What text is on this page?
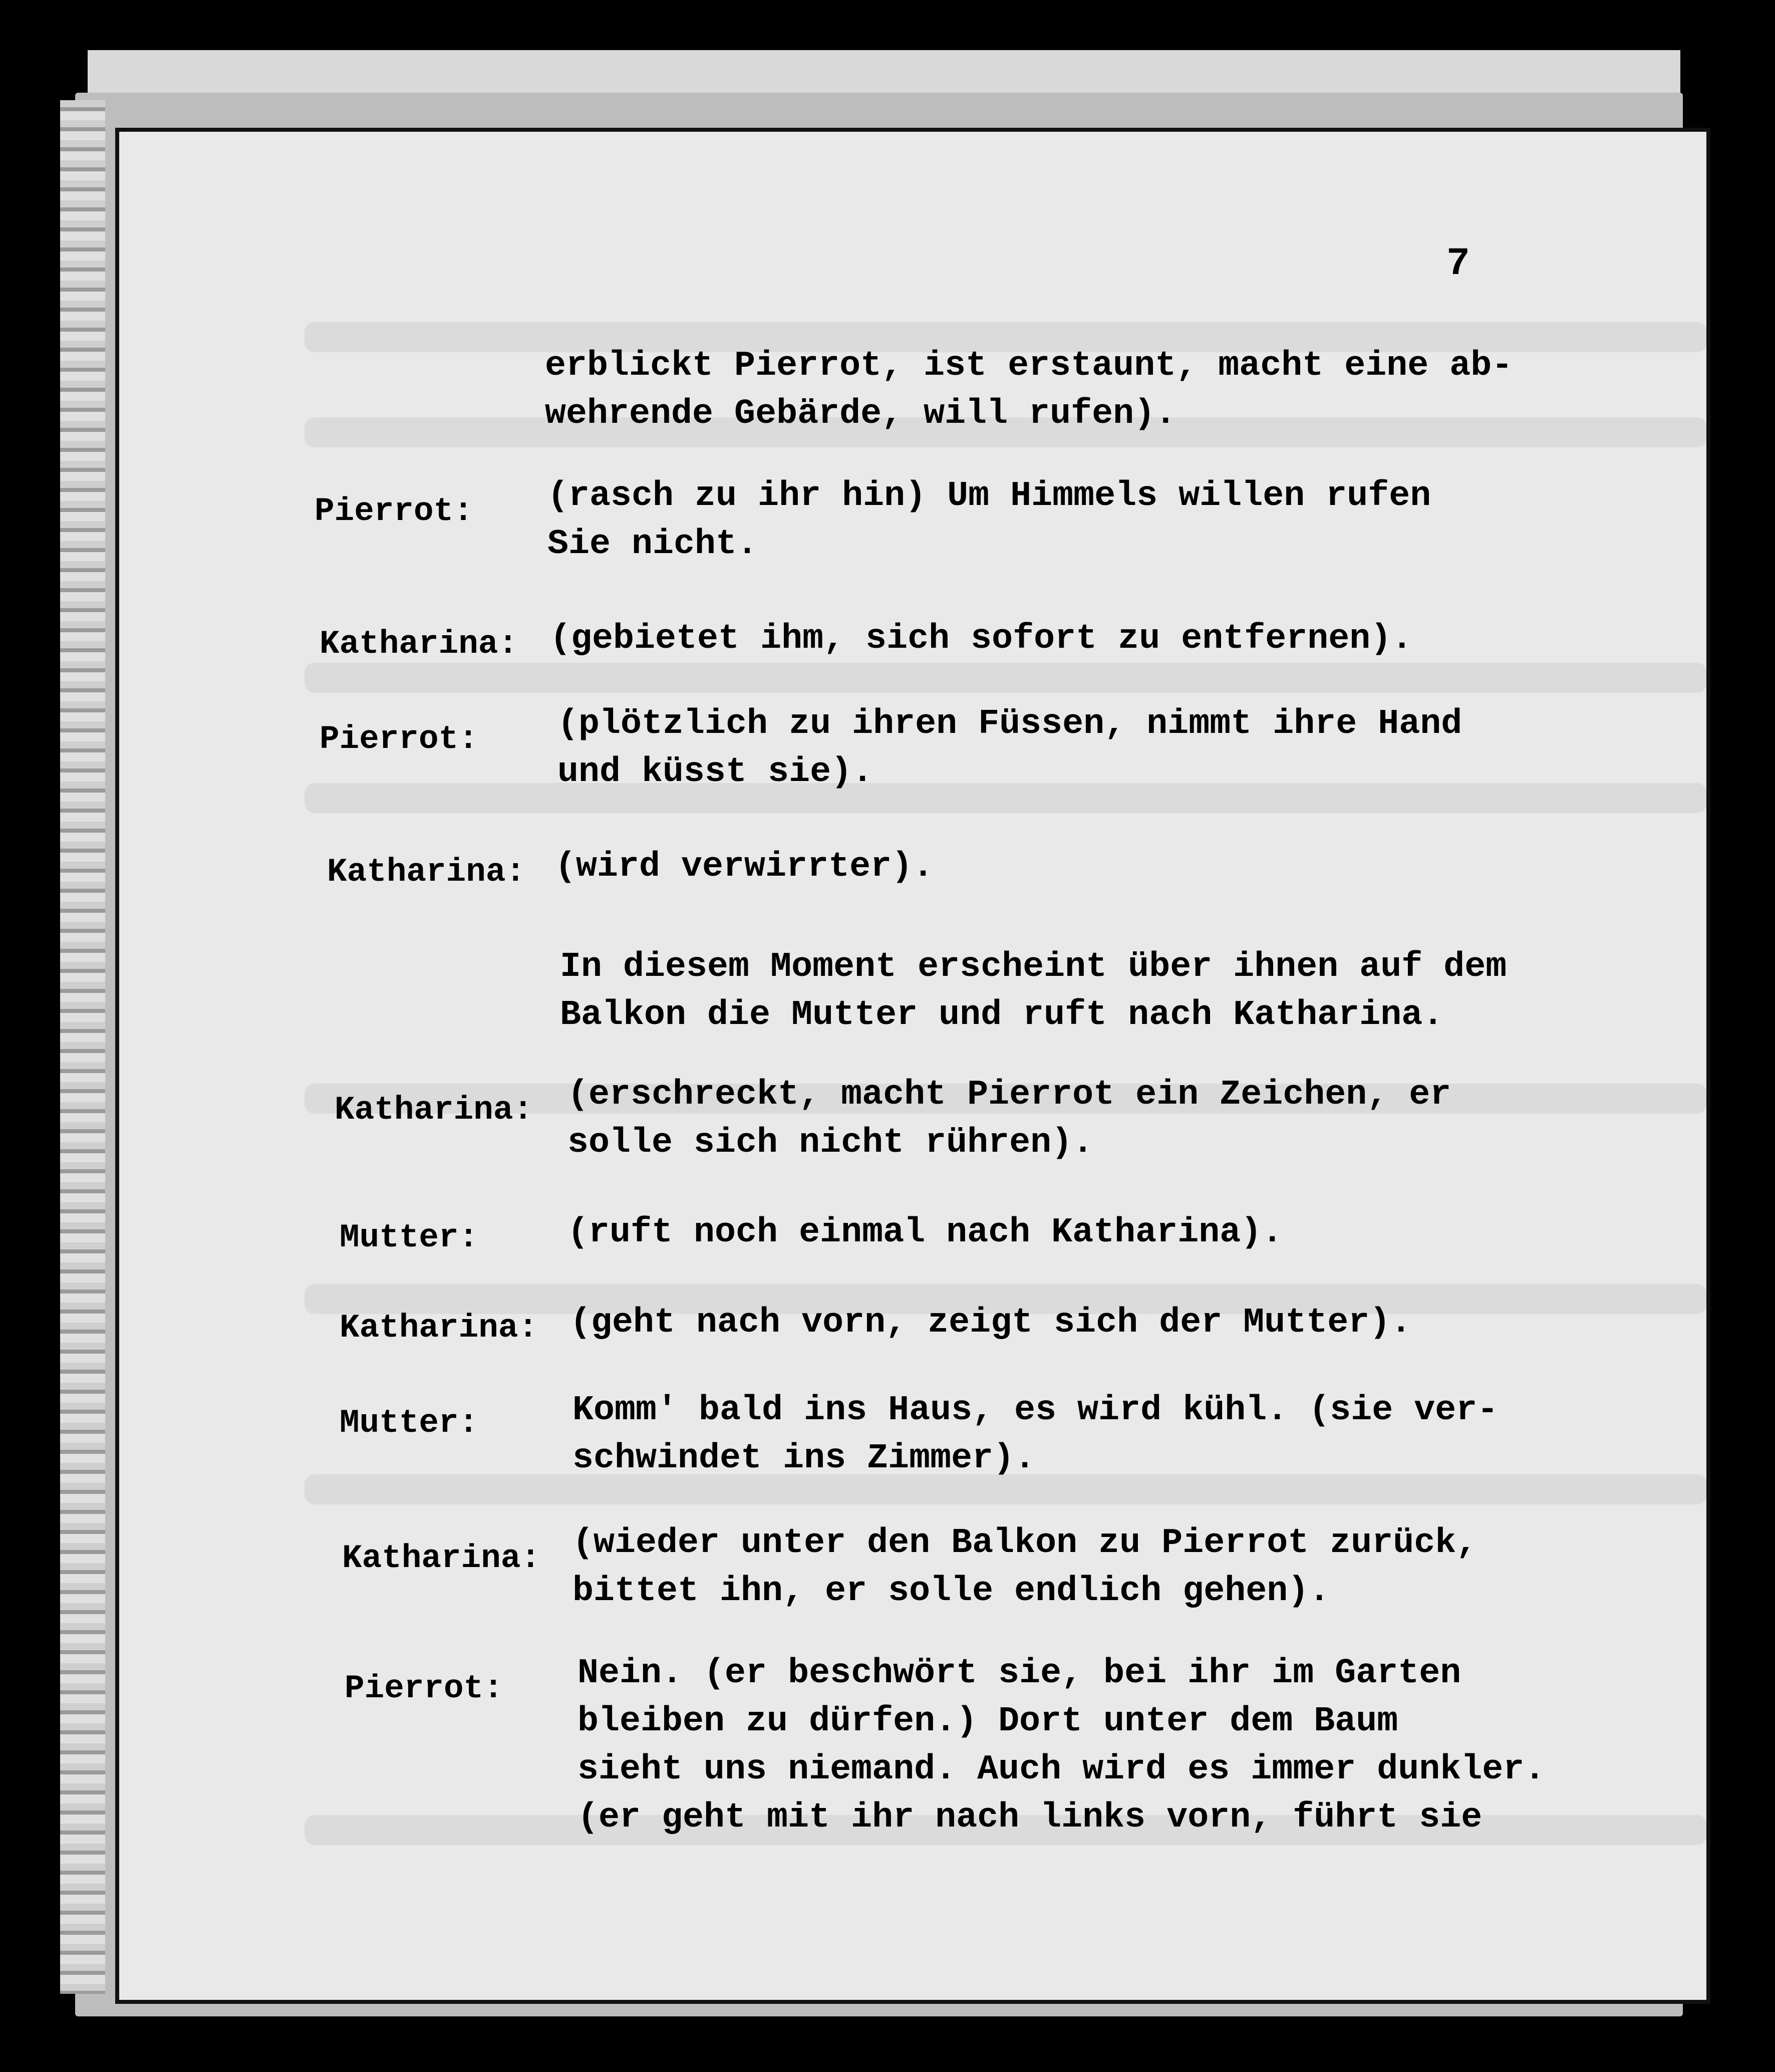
7
erblickt Pierrot, ist erstaunt, macht eine ab-
wehrende Gebärde, will rufen).
Pierrot: (rasch zu ihr hin) Um Himmels willen rufen
Sie nicht.
Katharina: (gebietet ihm, sich sofort zu entfernen).
Pierrot: (plötzlich zu ihren Füssen, nimmt ihre Hand
und küsst sie).
Katharina: (wird verwirrter).
In diesem Moment erscheint über ihnen auf dem
Balkon die Mutter und ruft nach Katharina.
Katharina: (erschreckt, macht Pierrot ein Zeichen, er
solle sich nicht rühren).
Mutter:	(ruft noch einmal nach Katharina).
Katharina: (geht nach vorn, zeigt sich der Mutter).
Mutter:	Komm' bald ins Haus, es wird kühl. (sie ver-
schwindet ins Zimmer).
Katharina: (wieder unter den Balkon zu Pierrot zurück,
bittet ihn, er solle endlich gehen).
Pierrot: Nein. (er beschwört sie, bei ihr im Garten
bleiben zu dürfen.) Dort unter dem Baum
sieht uns niemand. Auch wird es immer dunkler.
(er geht mit ihr nach links vorn, führt sie
